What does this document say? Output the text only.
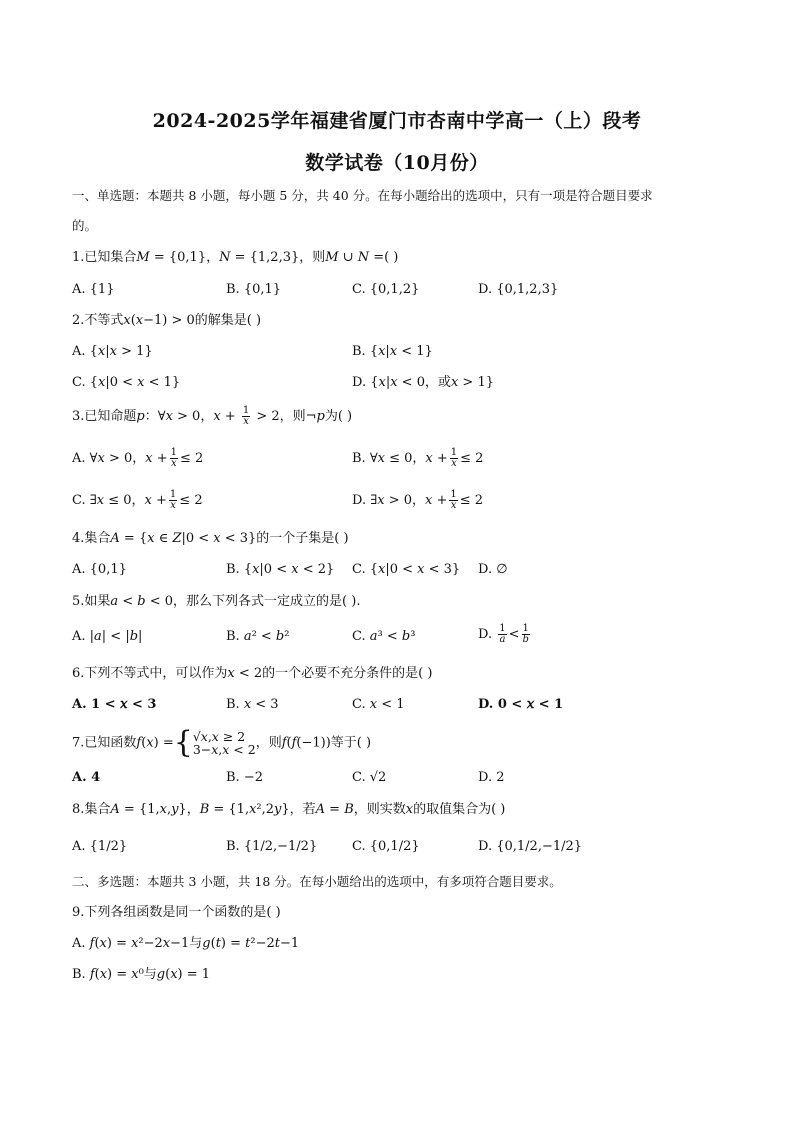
2024-2025学年福建省厦门市杏南中学高一（上）段考
数学试卷（10月份）
一、单选题：本题共 8 小题，每小题 5 分，共 40 分。在每小题给出的选项中，只有一项是符合题目要求
的。
1.已知集合𝑀 = {0,1}，𝑁 = {1,2,3}，则𝑀 ∪ 𝑁 =( )
A. {1}	B. {0,1}	C. {0,1,2}	D. {0,1,2,3}
2.不等式𝑥(𝑥−1) > 0的解集是( )
A. {𝑥|𝑥 > 1}	B. {𝑥|𝑥 < 1}
C. {𝑥|0 < 𝑥 < 1}	D. {𝑥|𝑥 < 0，或𝑥 > 1}
3.已知命题𝑝：∀𝑥 > 0，𝑥 + $\frac{1}{\text{𝑥}} > 2$，则¬𝑝为( )
A. ∀𝑥 > 0，𝑥 + $\frac{1}{\text{𝑥}} \le 2$	B. ∀𝑥 ≤ 0，𝑥 + $\frac{1}{\text{𝑥}} \le 2$
C. ∃𝑥 ≤ 0，𝑥 + $\frac{1}{\text{𝑥}} \le 2$	D. ∃𝑥 > 0，𝑥 + $\frac{1}{\text{𝑥}} \le 2$
4.集合𝐴 = {𝑥 ∈ 𝑍|0 < 𝑥 < 3}的一个子集是( )
A. {0,1}	B. {𝑥|0 < 𝑥 < 2} C. {𝑥|0 < 𝑥 < 3} D. ∅
5.如果𝑎 < 𝑏 < 0，那么下列各式一定成立的是( ).
A. |𝑎| < |𝑏|	B. 𝑎² < 𝑏²	C. 𝑎³ < 𝑏³	D. $\frac{1}{\text{𝑎}} < \frac{1}{\text{𝑏}}$
6.下列不等式中，可以作为𝑥 < 2的一个必要不充分条件的是( )
A. 1 < 𝑥 < 3	B. 𝑥 < 3	C. 𝑥 < 1	D. 0 < 𝑥 < 1
7.已知函数𝑓(𝑥) ={ √𝑥,𝑥 ≥ 2
3−𝑥,𝑥 < 2 ，则𝑓(𝑓(−1))等于( )
A. 4	B. −2	C. √2	D. 2
8.集合𝐴 = {1,𝑥,𝑦}，𝐵 = {1,𝑥²,2𝑦}，若𝐴 = 𝐵，则实数𝑥的取值集合为( )
A. {1/2}	B. {1/2,−1/2}	C. {0,1/2}	D. {0,1/2,−1/2}
二、多选题：本题共 3 小题，共 18 分。在每小题给出的选项中，有多项符合题目要求。
9.下列各组函数是同一个函数的是( )
A. 𝑓(𝑥) = 𝑥²−2𝑥−1与𝑔(𝑡) = 𝑡²−2𝑡−1
B. 𝑓(𝑥) = 𝑥⁰与𝑔(𝑥) = 1
